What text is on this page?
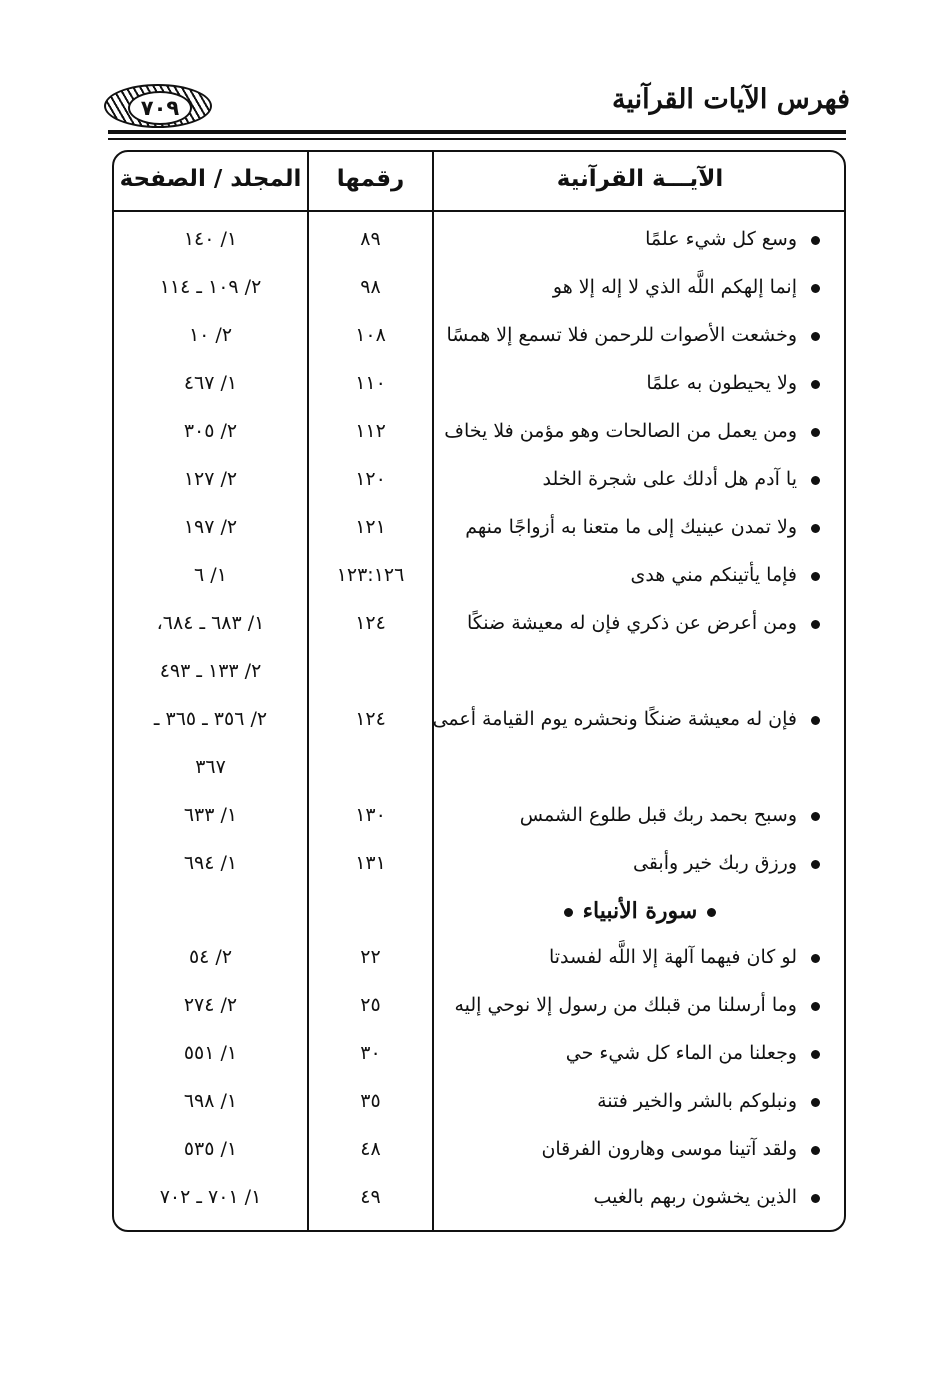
فهرس الآيات القرآنية
٧٠٩
الآيـــة القرآنية
رقمها
المجلد / الصفحة
وسع كل شيء علمًا
٨٩
١/ ١٤٠
إنما إلهكم اللَّه الذي لا إله إلا هو
٩٨
٢/ ١٠٩ ـ ١١٤
وخشعت الأصوات للرحمن فلا تسمع إلا همسًا
١٠٨
٢/ ١٠
ولا يحيطون به علمًا
١١٠
١/ ٤٦٧
ومن يعمل من الصالحات وهو مؤمن فلا يخاف
١١٢
٢/ ٣٠٥
يا آدم هل أدلك على شجرة الخلد
١٢٠
٢/ ١٢٧
ولا تمدن عينيك إلى ما متعنا به أزواجًا منهم
١٢١
٢/ ١٩٧
فإما يأتينكم مني هدى
١٢٣:١٢٦
١/ ٦
ومن أعرض عن ذكري فإن له معيشة ضنكًا
١٢٤
١/ ٦٨٣ ـ ٦٨٤،
٢/ ١٣٣ ـ ٤٩٣
فإن له معيشة ضنكًا ونحشره يوم القيامة أعمى
١٢٤
٢/ ٣٥٦ ـ ٣٦٥ ـ
٣٦٧
وسبح بحمد ربك قبل طلوع الشمس
١٣٠
١/ ٦٣٣
ورزق ربك خير وأبقى
١٣١
١/ ٦٩٤
سورة الأنبياء
لو كان فيهما آلهة إلا اللَّه لفسدتا
٢٢
٢/ ٥٤
وما أرسلنا من قبلك من رسول إلا نوحي إليه
٢٥
٢/ ٢٧٤
وجعلنا من الماء كل شيء حي
٣٠
١/ ٥٥١
ونبلوكم بالشر والخير فتنة
٣٥
١/ ٦٩٨
ولقد آتينا موسى وهارون الفرقان
٤٨
١/ ٥٣٥
الذين يخشون ربهم بالغيب
٤٩
١/ ٧٠١ ـ ٧٠٢
